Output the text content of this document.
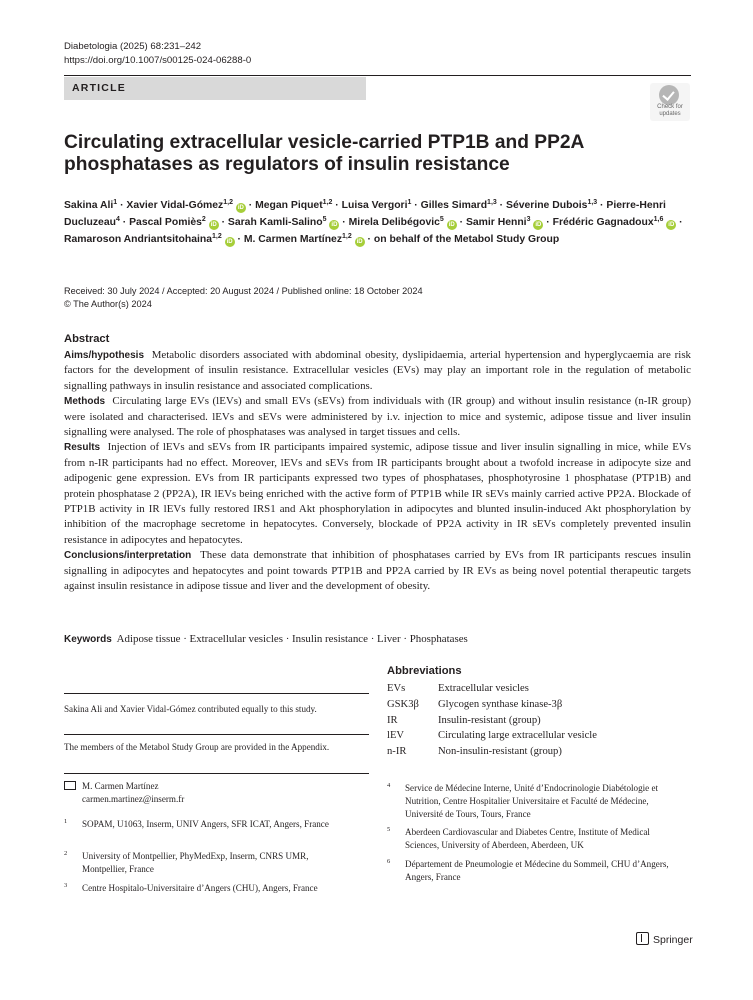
Diabetologia (2025) 68:231–242
https://doi.org/10.1007/s00125-024-06288-0
ARTICLE
Check for
updates
Circulating extracellular vesicle-carried PTP1B and PP2A phosphatases as regulators of insulin resistance
Sakina Ali$^1$ · Xavier Vidal-Gómez$^{1,2}$ iD · Megan Piquet$^{1,2}$ · Luisa Vergori$^1$ · Gilles Simard$^{1,3}$ · Séverine Dubois$^{1,3}$ · Pierre-Henri Ducluzeau$^4$ · Pascal Pomiès$^2$ iD · Sarah Kamli-Salino$^5$ iD · Mirela Delibégovic$^5$ iD · Samir Henni$^3$ iD · Frédéric Gagnadoux$^{1,6}$ iD · Ramaroson Andriantsitohaina$^{1,2}$ iD · M. Carmen Martínez$^{1,2}$ iD · on behalf of the Metabol Study Group
Received: 30 July 2024 / Accepted: 20 August 2024 / Published online: 18 October 2024
© The Author(s) 2024
Abstract

Aims/hypothesis Metabolic disorders associated with abdominal obesity, dyslipidaemia, arterial hypertension and hyperglycaemia are risk factors for the development of insulin resistance. Extracellular vesicles (EVs) may play an important role in the regulation of metabolic signalling pathways in insulin resistance and associated complications.

Methods Circulating large EVs (lEVs) and small EVs (sEVs) from individuals with (IR group) and without insulin resistance (n-IR group) were isolated and characterised. lEVs and sEVs were administered by i.v. injection to mice and systemic, adipose tissue and liver insulin signalling were analysed. The role of phosphatases was analysed in target tissues and cells.

Results Injection of lEVs and sEVs from IR participants impaired systemic, adipose tissue and liver insulin signalling in mice, while EVs from n-IR participants had no effect. Moreover, lEVs and sEVs from IR participants brought about a twofold increase in adipocyte size and adipogenic gene expression. EVs from IR participants expressed two types of phosphatases, phosphotyrosine 1 phosphatase (PTP1B) and protein phosphatase 2 (PP2A), IR lEVs being enriched with the active form of PTP1B while IR sEVs mainly carried active PP2A. Blockade of PTP1B activity in IR lEVs fully restored IRS1 and Akt phosphorylation in adipocytes and blunted insulin-induced Akt phosphorylation by inhibition of the macrophage secretome in hepatocytes. Conversely, blockade of PP2A activity in IR sEVs completely prevented insulin resistance in adipocytes and hepatocytes.

Conclusions/interpretation These data demonstrate that inhibition of phosphatases carried by EVs from IR participants rescues insulin signalling in adipocytes and hepatocytes and point towards PTP1B and PP2A carried by IR EVs as being novel potential therapeutic targets against insulin resistance in adipose tissue and liver and the development of obesity.

Keywords Adipose tissue · Extracellular vesicles · Insulin resistance · Liver · Phosphatases
Sakina Ali and Xavier Vidal-Gómez contributed equally to this study.
The members of the Metabol Study Group are provided in the Appendix.
M. Carmen Martínez
carmen.martinez@inserm.fr
1 SOPAM, U1063, Inserm, UNIV Angers, SFR ICAT, Angers, France
2 University of Montpellier, PhyMedExp, Inserm, CNRS UMR, Montpellier, France
3 Centre Hospitalo-Universitaire d’Angers (CHU), Angers, France
Abbreviations
EVs	Extracellular vesicles
GSK3β Glycogen synthase kinase-3β
IR	Insulin-resistant (group)
lEV	Circulating large extracellular vesicle
n-IR	Non-insulin-resistant (group)
4 Service de Médecine Interne, Unité d’Endocrinologie Diabétologie et Nutrition, Centre Hospitalier Universitaire et Faculté de Médecine, Université de Tours, Tours, France
5 Aberdeen Cardiovascular and Diabetes Centre, Institute of Medical Sciences, University of Aberdeen, Aberdeen, UK
6 Département de Pneumologie et Médecine du Sommeil, CHU d’Angers, Angers, France
Springer
